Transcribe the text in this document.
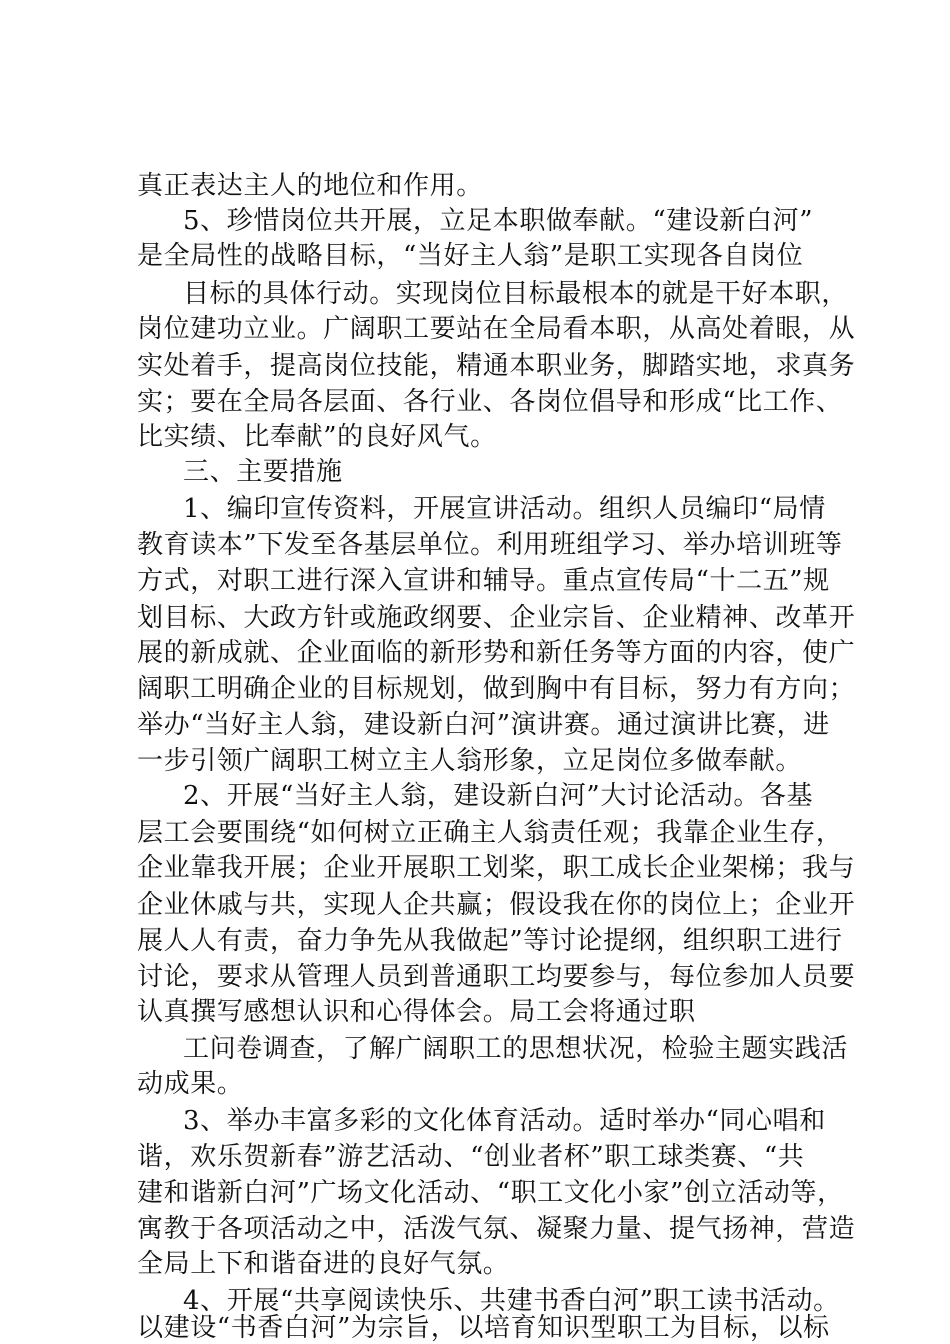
真正表达主人的地位和作用。
5、珍惜岗位共开展，立足本职做奉献。“建设新白河”
是全局性的战略目标，“当好主人翁”是职工实现各自岗位
目标的具体行动。实现岗位目标最根本的就是干好本职，
岗位建功立业。广阔职工要站在全局看本职，从高处着眼，从
实处着手，提高岗位技能，精通本职业务，脚踏实地，求真务
实；要在全局各层面、各行业、各岗位倡导和形成“比工作、
比实绩、比奉献”的良好风气。
三、主要措施
1、编印宣传资料，开展宣讲活动。组织人员编印“局情
教育读本”下发至各基层单位。利用班组学习、举办培训班等
方式，对职工进行深入宣讲和辅导。重点宣传局“十二五”规
划目标、大政方针或施政纲要、企业宗旨、企业精神、改革开
展的新成就、企业面临的新形势和新任务等方面的内容，使广
阔职工明确企业的目标规划，做到胸中有目标，努力有方向；
举办“当好主人翁，建设新白河”演讲赛。通过演讲比赛，进
一步引领广阔职工树立主人翁形象，立足岗位多做奉献。
2、开展“当好主人翁，建设新白河”大讨论活动。各基
层工会要围绕“如何树立正确主人翁责任观；我靠企业生存，
企业靠我开展；企业开展职工划桨，职工成长企业架梯；我与
企业休戚与共，实现人企共赢；假设我在你的岗位上；企业开
展人人有责，奋力争先从我做起”等讨论提纲，组织职工进行
讨论，要求从管理人员到普通职工均要参与，每位参加人员要
认真撰写感想认识和心得体会。局工会将通过职
工问卷调查，了解广阔职工的思想状况，检验主题实践活
动成果。
3、举办丰富多彩的文化体育活动。适时举办“同心唱和
谐，欢乐贺新春”游艺活动、“创业者杯”职工球类赛、“共
建和谐新白河”广场文化活动、“职工文化小家”创立活动等，
寓教于各项活动之中，活泼气氛、凝聚力量、提气扬神，营造
全局上下和谐奋进的良好气氛。
4、开展“共享阅读快乐、共建书香白河”职工读书活动。
以建设“书香白河”为宗旨，以培育知识型职工为目标，以标
